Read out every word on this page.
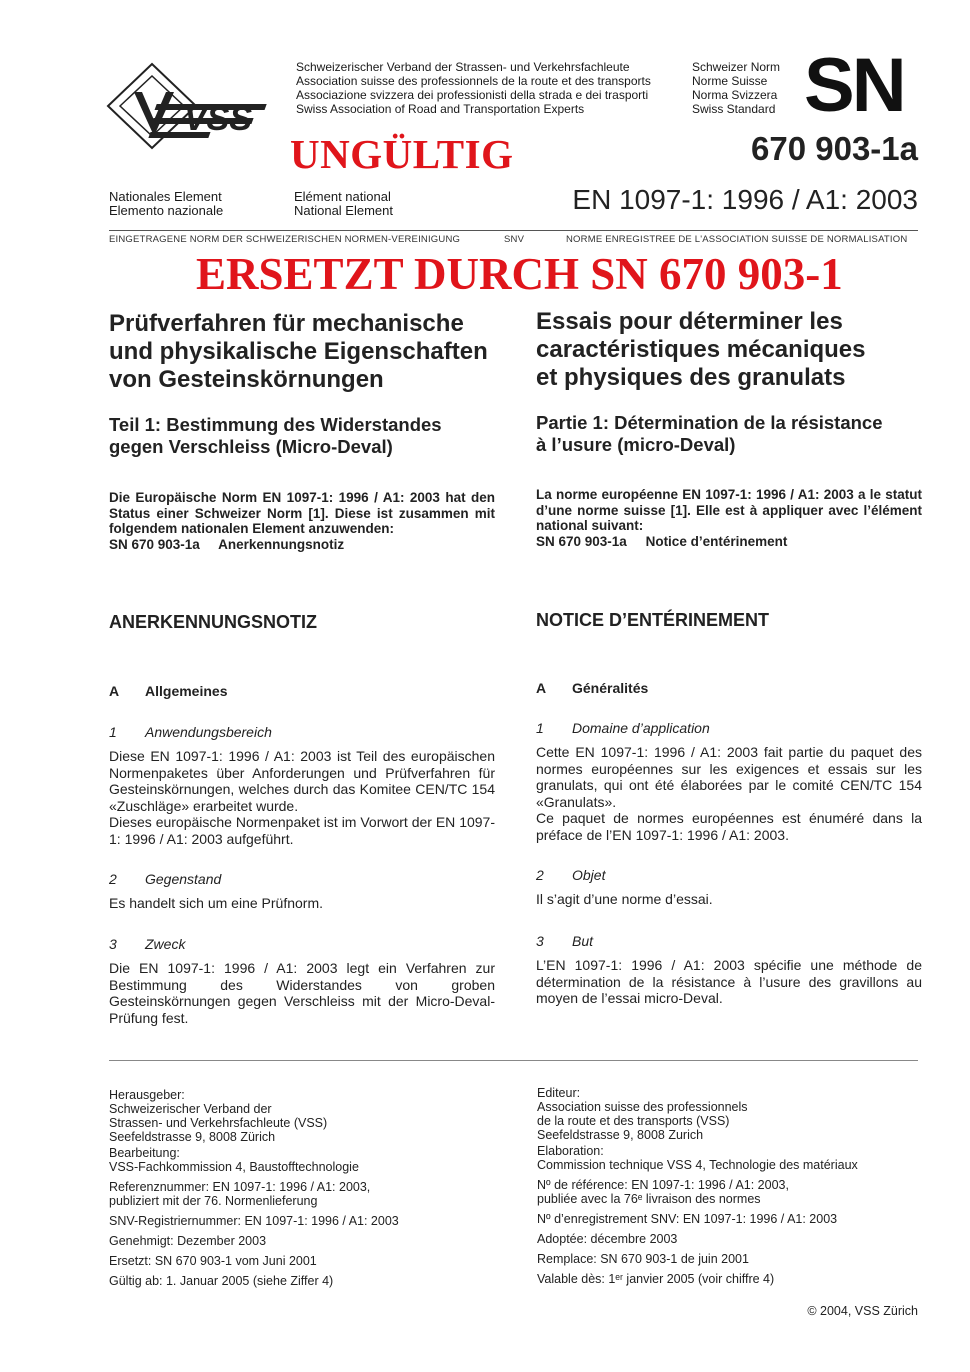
VSS
Schweizerischer Verband der Strassen- und Verkehrsfachleute
Association suisse des professionnels de la route et des transports
Associazione svizzera dei professionisti della strada e dei trasporti
Swiss Association of Road and Transportation Experts
Schweizer Norm
Norme Suisse
Norma Svizzera
Swiss Standard SN
UNGÜLTIG	670 903-1a
Nationales Element
Elemento nazionale
Elément national
National Element	EN 1097-1: 1996 / A1: 2003
EINGETRAGENE NORM DER SCHWEIZERISCHEN NORMEN-VEREINIGUNG	SNV	NORME ENREGISTREE DE L'ASSOCIATION SUISSE DE NORMALISATION
ERSETZT DURCH SN 670 903-1
Prüfverfahren für mechanische
und physikalische Eigenschaften
von Gesteinskörnungen
Teil 1: Bestimmung des Widerstandes
gegen Verschleiss (Micro-Deval)
Die Europäische Norm EN 1097-1: 1996 / A1: 2003 hat den Status einer Schweizer Norm [1]. Diese ist zusammen mit folgendem nationalen Element anzuwenden:
SN 670 903-1a     Anerkennungsnotiz
ANERKENNUNGSNOTIZ
A Allgemeines
1 Anwendungsbereich
Diese EN 1097-1: 1996 / A1: 2003 ist Teil des europäischen Normenpaketes über Anforderungen und Prüfverfahren für Gesteinskörnungen, welches durch das Komitee CEN/TC 154 «Zuschläge» erarbeitet wurde.
Dieses europäische Normenpaket ist im Vorwort der EN 1097-1: 1996 / A1: 2003 aufgeführt.
2 Gegenstand
Es handelt sich um eine Prüfnorm.
3 Zweck
Die EN 1097-1: 1996 / A1: 2003 legt ein Verfahren zur Bestimmung des Widerstandes von groben Gesteinskörnungen gegen Verschleiss mit der Micro-Deval-Prüfung fest.
Essais pour déterminer les
caractéristiques mécaniques
et physiques des granulats
Partie 1: Détermination de la résistance
à l’usure (micro-Deval)
La norme européenne EN 1097-1: 1996 / A1: 2003 a le statut d’une norme suisse [1]. Elle est à appliquer avec l’élément national suivant:
SN 670 903-1a     Notice d’entérinement
NOTICE D’ENTÉRINEMENT
A Généralités
1 Domaine d’application
Cette EN 1097-1: 1996 / A1: 2003 fait partie du paquet des normes européennes sur les exigences et essais sur les granulats, qui ont été élaborées par le comité CEN/TC 154 «Granulats».
Ce paquet de normes européennes est énuméré dans la préface de l’EN 1097-1: 1996 / A1: 2003.
2 Objet
Il s’agit d’une norme d’essai.
3 But
L’EN 1097-1: 1996 / A1: 2003 spécifie une méthode de détermination de la résistance à l’usure des gravillons au moyen de l’essai micro-Deval.

Herausgeber:
Schweizerischer Verband der
Strassen- und Verkehrsfachleute (VSS)
Seefeldstrasse 9, 8008 Zürich

Bearbeitung:
VSS-Fachkommission 4, Baustofftechnologie

Referenznummer: EN 1097-1: 1996 / A1: 2003,
publiziert mit der 76. Normenlieferung

SNV-Registriernummer: EN 1097-1: 1996 / A1: 2003

Genehmigt: Dezember 2003

Ersetzt: SN 670 903-1 vom Juni 2001

Gültig ab: 1. Januar 2005 (siehe Ziffer 4)

Editeur:
Association suisse des professionnels
de la route et des transports (VSS)
Seefeldstrasse 9, 8008 Zurich

Elaboration:
Commission technique VSS 4, Technologie des matériaux

Nº de référence: EN 1097-1: 1996 / A1: 2003,
publiée avec la 76ᵉ livraison des normes

Nº d’enregistrement SNV: EN 1097-1: 1996 / A1: 2003

Adoptée: décembre 2003

Remplace: SN 670 903-1 de juin 2001

Valable dès: 1ᵉʳ janvier 2005 (voir chiffre 4)

© 2004, VSS Zürich
